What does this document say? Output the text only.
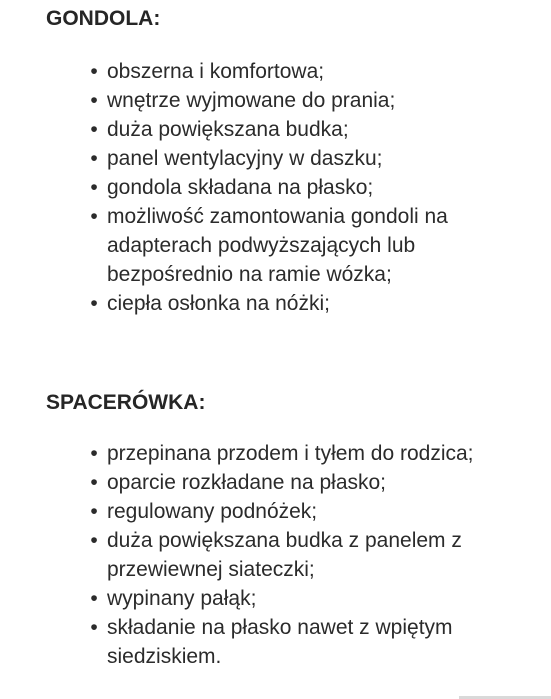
GONDOLA:
• obszerna i komfortowa;
• wnętrze wyjmowane do prania;
• duża powiększana budka;
• panel wentylacyjny w daszku;
• gondola składana na płasko;
• możliwość zamontowania gondoli na adapterach podwyższających lub bezpośrednio na ramie wózka;
• ciepła osłonka na nóżki;
SPACERÓWKA:
• przepinana przodem i tyłem do rodzica;
• oparcie rozkładane na płasko;
• regulowany podnóżek;
• duża powiększana budka z panelem z przewiewnej siateczki;
• wypinany pałąk;
• składanie na płasko nawet z wpiętym siedziskiem.
